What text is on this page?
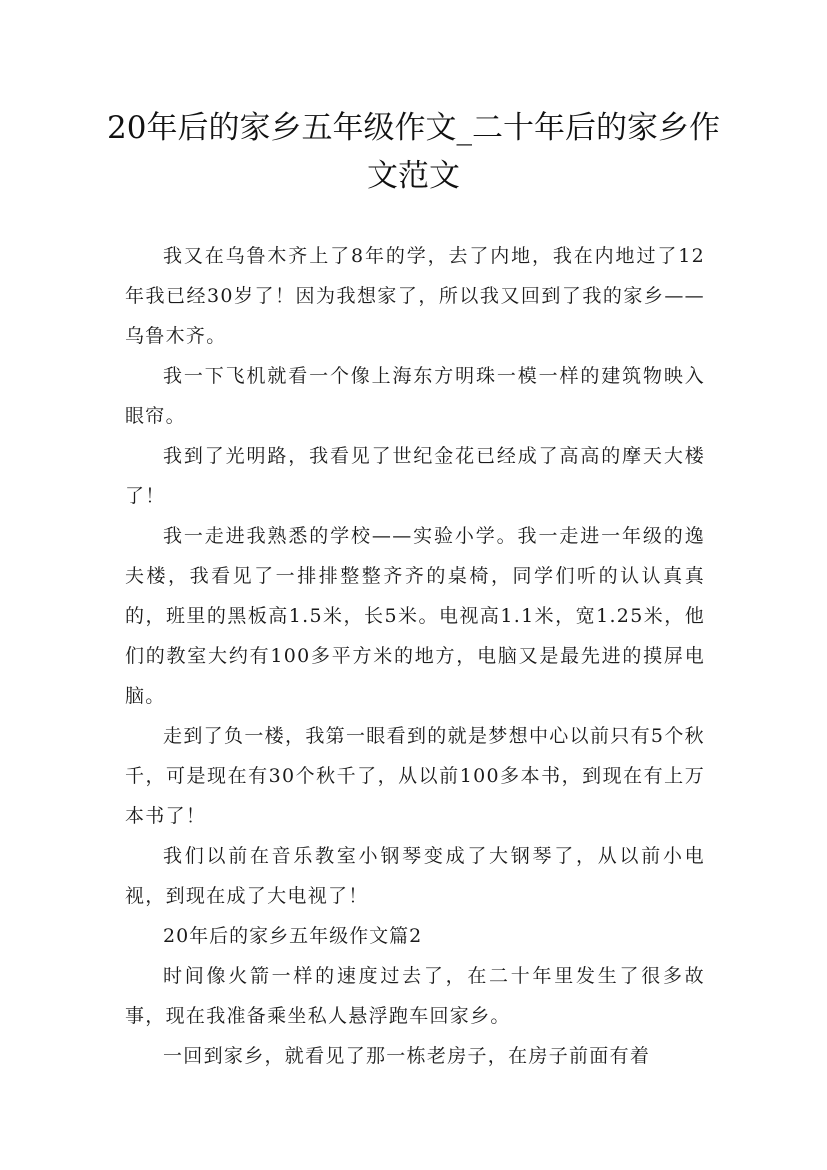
20年后的家乡五年级作文_二十年后的家乡作文范文

我又在乌鲁木齐上了8年的学，去了内地，我在内地过了12年我已经30岁了！因为我想家了，所以我又回到了我的家乡——乌鲁木齐。

我一下飞机就看一个像上海东方明珠一模一样的建筑物映入眼帘。

我到了光明路，我看见了世纪金花已经成了高高的摩天大楼了！

我一走进我熟悉的学校——实验小学。我一走进一年级的逸夫楼，我看见了一排排整整齐齐的桌椅，同学们听的认认真真的，班里的黑板高1.5米，长5米。电视高1.1米，宽1.25米，他们的教室大约有100多平方米的地方，电脑又是最先进的摸屏电脑。

走到了负一楼，我第一眼看到的就是梦想中心以前只有5个秋千，可是现在有30个秋千了，从以前100多本书，到现在有上万本书了！

我们以前在音乐教室小钢琴变成了大钢琴了，从以前小电视，到现在成了大电视了！

20年后的家乡五年级作文篇2

时间像火箭一样的速度过去了，在二十年里发生了很多故事，现在我准备乘坐私人悬浮跑车回家乡。

一回到家乡，就看见了那一栋老房子，在房子前面有着
